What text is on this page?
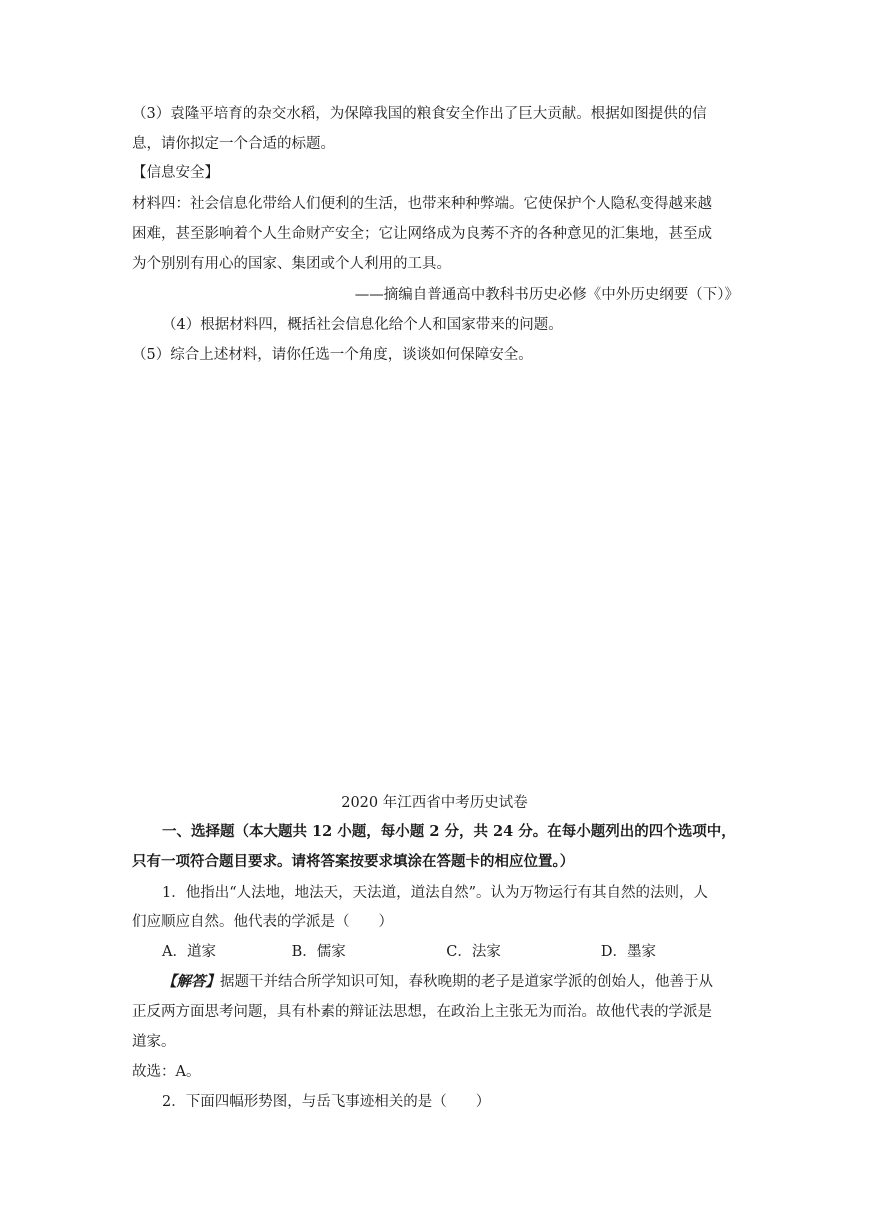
（3）袁隆平培育的杂交水稻，为保障我国的粮食安全作出了巨大贡献。根据如图提供的信
息，请你拟定一个合适的标题。
【信息安全】
材料四：社会信息化带给人们便利的生活，也带来种种弊端。它使保护个人隐私变得越来越
困难，甚至影响着个人生命财产安全；它让网络成为良莠不齐的各种意见的汇集地，甚至成
为个别别有用心的国家、集团或个人利用的工具。
——摘编自普通高中教科书历史必修《中外历史纲要（下）》
（4）根据材料四，概括社会信息化给个人和国家带来的问题。
（5）综合上述材料，请你任选一个角度，谈谈如何保障安全。
2020 年江西省中考历史试卷
一、选择题（本大题共 12 小题，每小题 2 分，共 24 分。在每小题列出的四个选项中，
只有一项符合题目要求。请将答案按要求填涂在答题卡的相应位置。）
1．他指出“人法地，地法天，天法道，道法自然”。认为万物运行有其自然的法则，人
们应顺应自然。他代表的学派是（　　）
A．道家	B．儒家	C．法家	D．墨家
【解答】据题干并结合所学知识可知，春秋晚期的老子是道家学派的创始人，他善于从
正反两方面思考问题，具有朴素的辩证法思想，在政治上主张无为而治。故他代表的学派是
道家。
故选：A。
2．下面四幅形势图，与岳飞事迹相关的是（　　）
